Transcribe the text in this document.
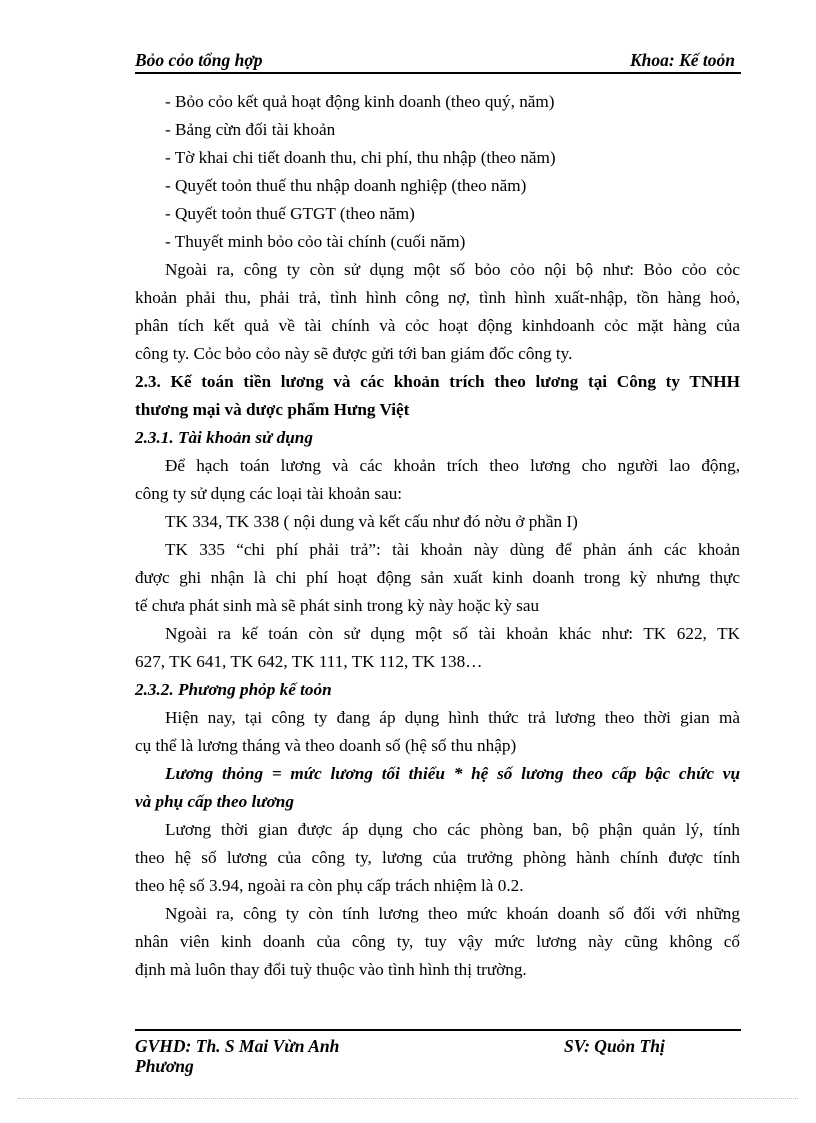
Bỏo cỏo tổng hợp	Khoa: Kế toỏn
- Bỏo cỏo kết quả hoạt động kinh doanh (theo quý, năm)
- Bảng cừn đối tài khoản
- Tờ khai chi tiết doanh thu, chi phí, thu nhập (theo năm)
- Quyết toỏn thuế thu nhập doanh nghiệp (theo năm)
- Quyết toỏn thuế GTGT (theo năm)
- Thuyết minh bỏo cỏo tài chính (cuối năm)
Ngoài ra, công ty còn sử dụng một số bỏo cỏo nội bộ như: Bỏo cỏo cỏc
khoản phải thu, phải trả, tình hình công nợ, tình hình xuất-nhập, tồn hàng hoỏ,
phân tích kết quả về tài chính và cỏc hoạt động kinhdoanh cỏc mặt hàng của
công ty. Cỏc bỏo cỏo này sẽ được gửi tới ban giám đốc công ty.
2.3. Kế toán tiền lương và các khoản trích theo lương tại Công ty TNHH
thương mại và dược phẩm Hưng Việt
2.3.1. Tài khoản sử dụng
Để hạch toán lương và các khoản trích theo lương cho người lao động,
công ty sử dụng các loại tài khoản sau:
TK 334, TK 338 ( nội dung và kết cấu như đó nờu ở phần I)
TK 335 “chi phí phải trả”: tài khoản này dùng để phản ánh các khoản
được ghi nhận là chi phí hoạt động sản xuất kinh doanh trong kỳ nhưng thực
tế chưa phát sinh mà sẽ phát sinh trong kỳ này hoặc kỳ sau
Ngoài ra kế toán còn sử dụng một số tài khoản khác như: TK 622, TK
627, TK 641, TK 642, TK 111, TK 112, TK 138…
2.3.2. Phương phỏp kế toỏn
Hiện nay, tại công ty đang áp dụng hình thức trả lương theo thời gian mà
cụ thể là lương tháng và theo doanh số (hệ số thu nhập)
Lương thỏng = mức lương tối thiểu * hệ số lương theo cấp bậc chức vụ
và phụ cấp theo lương
Lương thời gian được áp dụng cho các phòng ban, bộ phận quản lý, tính
theo hệ số lương của công ty, lương của trưởng phòng hành chính được tính
theo hệ số 3.94, ngoài ra còn phụ cấp trách nhiệm là 0.2.
Ngoài ra, công ty còn tính lương theo mức khoán doanh số đối với những
nhân viên kinh doanh của công ty, tuy vậy mức lương này cũng không cố
định mà luôn thay đổi tuỳ thuộc vào tình hình thị trường.
GVHD: Th. S Mai Vừn Anh
Phương
SV: Quỏn Thị
